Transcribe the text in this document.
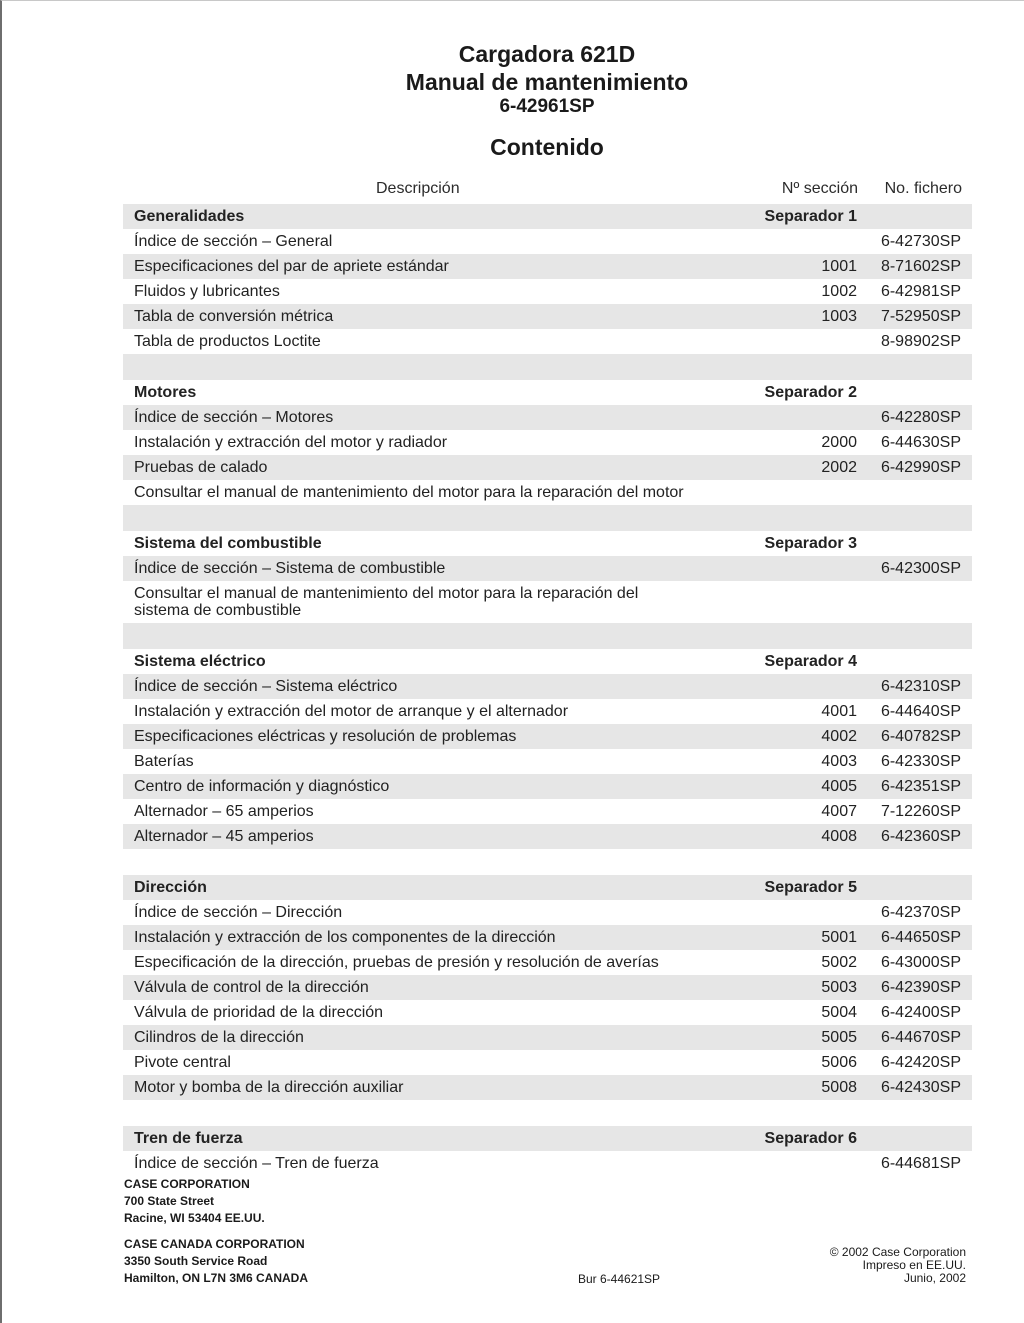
Cargadora 621D
Manual de mantenimiento
6-42961SP
Contenido
Descripción	Nº sección	No. fichero
Generalidades	Separador 1
Índice de sección – General	6-42730SP
Especificaciones del par de apriete estándar	1001 8-71602SP
Fluidos y lubricantes	1002 6-42981SP
Tabla de conversión métrica	1003 7-52950SP
Tabla de productos Loctite	8-98902SP
Motores	Separador 2
Índice de sección – Motores	6-42280SP
Instalación y extracción del motor y radiador	2000 6-44630SP
Pruebas de calado	2002 6-42990SP
Consultar el manual de mantenimiento del motor para la reparación del motor
Sistema del combustible	Separador 3
Índice de sección – Sistema de combustible	6-42300SP
Consultar el manual de mantenimiento del motor para la reparación del sistema de combustible
Sistema eléctrico	Separador 4
Índice de sección – Sistema eléctrico	6-42310SP
Instalación y extracción del motor de arranque y el alternador	4001 6-44640SP
Especificaciones eléctricas y resolución de problemas	4002 6-40782SP
Baterías	4003 6-42330SP
Centro de información y diagnóstico	4005 6-42351SP
Alternador – 65 amperios	4007 7-12260SP
Alternador – 45 amperios	4008 6-42360SP
Dirección	Separador 5
Índice de sección – Dirección	6-42370SP
Instalación y extracción de los componentes de la dirección	5001 6-44650SP
Especificación de la dirección, pruebas de presión y resolución de averías	5002 6-43000SP
Válvula de control de la dirección	5003 6-42390SP
Válvula de prioridad de la dirección	5004 6-42400SP
Cilindros de la dirección	5005 6-44670SP
Pivote central	5006 6-42420SP
Motor y bomba de la dirección auxiliar	5008 6-42430SP
Tren de fuerza	Separador 6
Índice de sección – Tren de fuerza	6-44681SP
CASE CORPORATION
700 State Street
Racine, WI 53404 EE.UU.
CASE CANADA CORPORATION
3350 South Service Road
Hamilton, ON L7N 3M6 CANADA	Bur 6-44621SP
© 2002 Case Corporation
Impreso en EE.UU.
Junio, 2002
